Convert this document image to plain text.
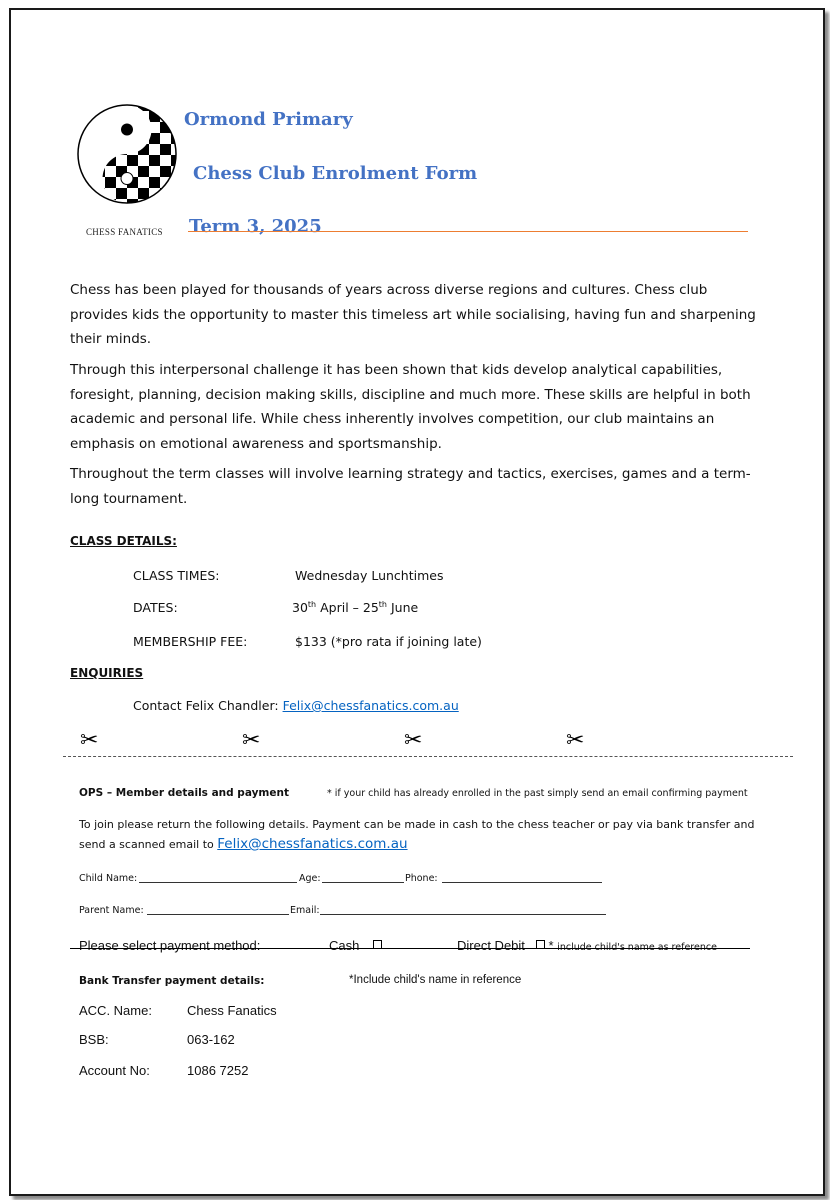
CHESS FANATICS
Ormond Primary
Chess Club Enrolment Form
Term 3, 2025
Chess has been played for thousands of years across diverse regions and cultures. Chess club
provides kids the opportunity to master this timeless art while socialising, having fun and sharpening
their minds.
Through this interpersonal challenge it has been shown that kids develop analytical capabilities,
foresight, planning, decision making skills, discipline and much more. These skills are helpful in both
academic and personal life. While chess inherently involves competition, our club maintains an
emphasis on emotional awareness and sportsmanship.
Throughout the term classes will involve learning strategy and tactics, exercises, games and a term-
long tournament.
CLASS DETAILS:
CLASS TIMES:	Wednesday Lunchtimes
DATES:	30th April – 25th June
MEMBERSHIP FEE:	$133 (*pro rata if joining late)
ENQUIRIES
Contact Felix Chandler: Felix@chessfanatics.com.au
✂	✂	✂	✂
OPS – Member details and payment	* if your child has already enrolled in the past simply send an email confirming payment
To join please return the following details. Payment can be made in cash to the chess teacher or pay via bank transfer and
send a scanned email to Felix@chessfanatics.com.au
Child Name:	Age:	Phone:
Parent Name:	Email:
Please select payment method:	Cash	Direct Debit * include child's name as reference
Bank Transfer payment details:	*Include child's name in reference
ACC. Name:	Chess Fanatics
BSB:	063-162
Account No:	1086 7252
